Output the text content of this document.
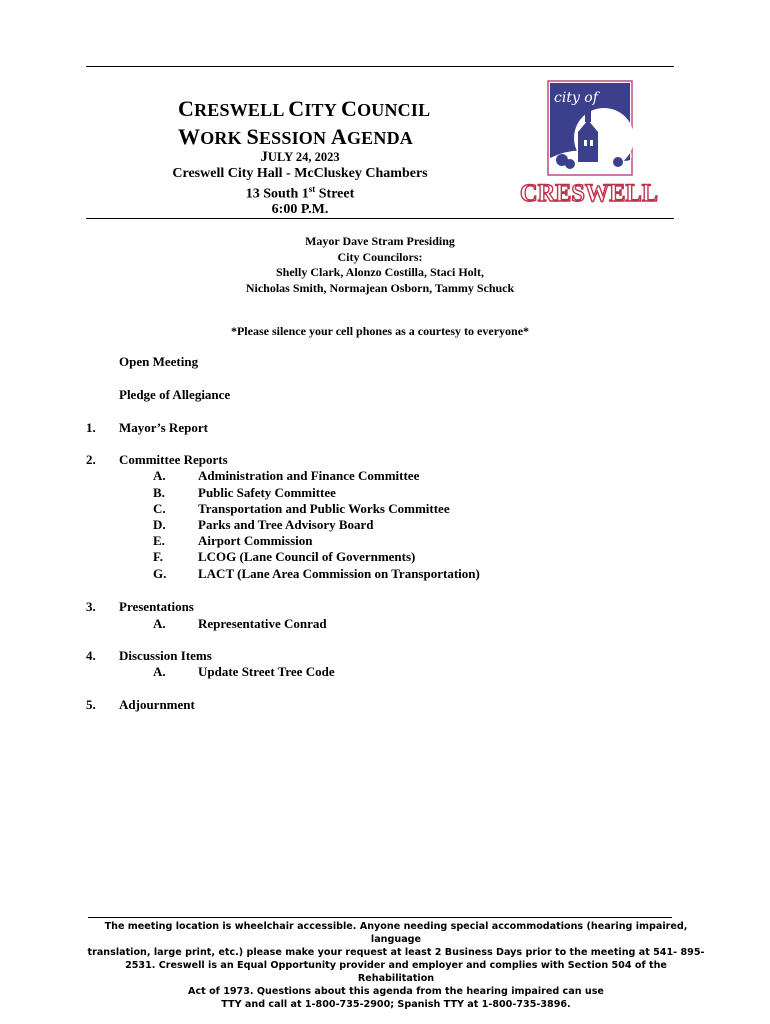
CRESWELL CITY COUNCIL
WORK SESSION AGENDA
JULY 24, 2023
Creswell City Hall - McCluskey Chambers
13 South 1st Street
6:00 P.M.
city of
CRESWELL
Mayor Dave Stram Presiding
City Councilors:
Shelly Clark, Alonzo Costilla, Staci Holt,
Nicholas Smith, Normajean Osborn, Tammy Schuck
*Please silence your cell phones as a courtesy to everyone*
Open Meeting
Pledge of Allegiance
1. Mayor’s Report
2. Committee Reports
A. Administration and Finance Committee
B.	Public Safety Committee
C. Transportation and Public Works Committee
D. Parks and Tree Advisory Board
E.	Airport Commission
F.	LCOG (Lane Council of Governments)
G. LACT (Lane Area Commission on Transportation)
3. Presentations
A. Representative Conrad
4. Discussion Items
A. Update Street Tree Code
5. Adjournment
The meeting location is wheelchair accessible. Anyone needing special accommodations (hearing impaired, language
translation, large print, etc.) please make your request at least 2 Business Days prior to the meeting at 541- 895-
2531. Creswell is an Equal Opportunity provider and employer and complies with Section 504 of the Rehabilitation
Act of 1973. Questions about this agenda from the hearing impaired can use
TTY and call at 1-800-735-2900; Spanish TTY at 1-800-735-3896.
